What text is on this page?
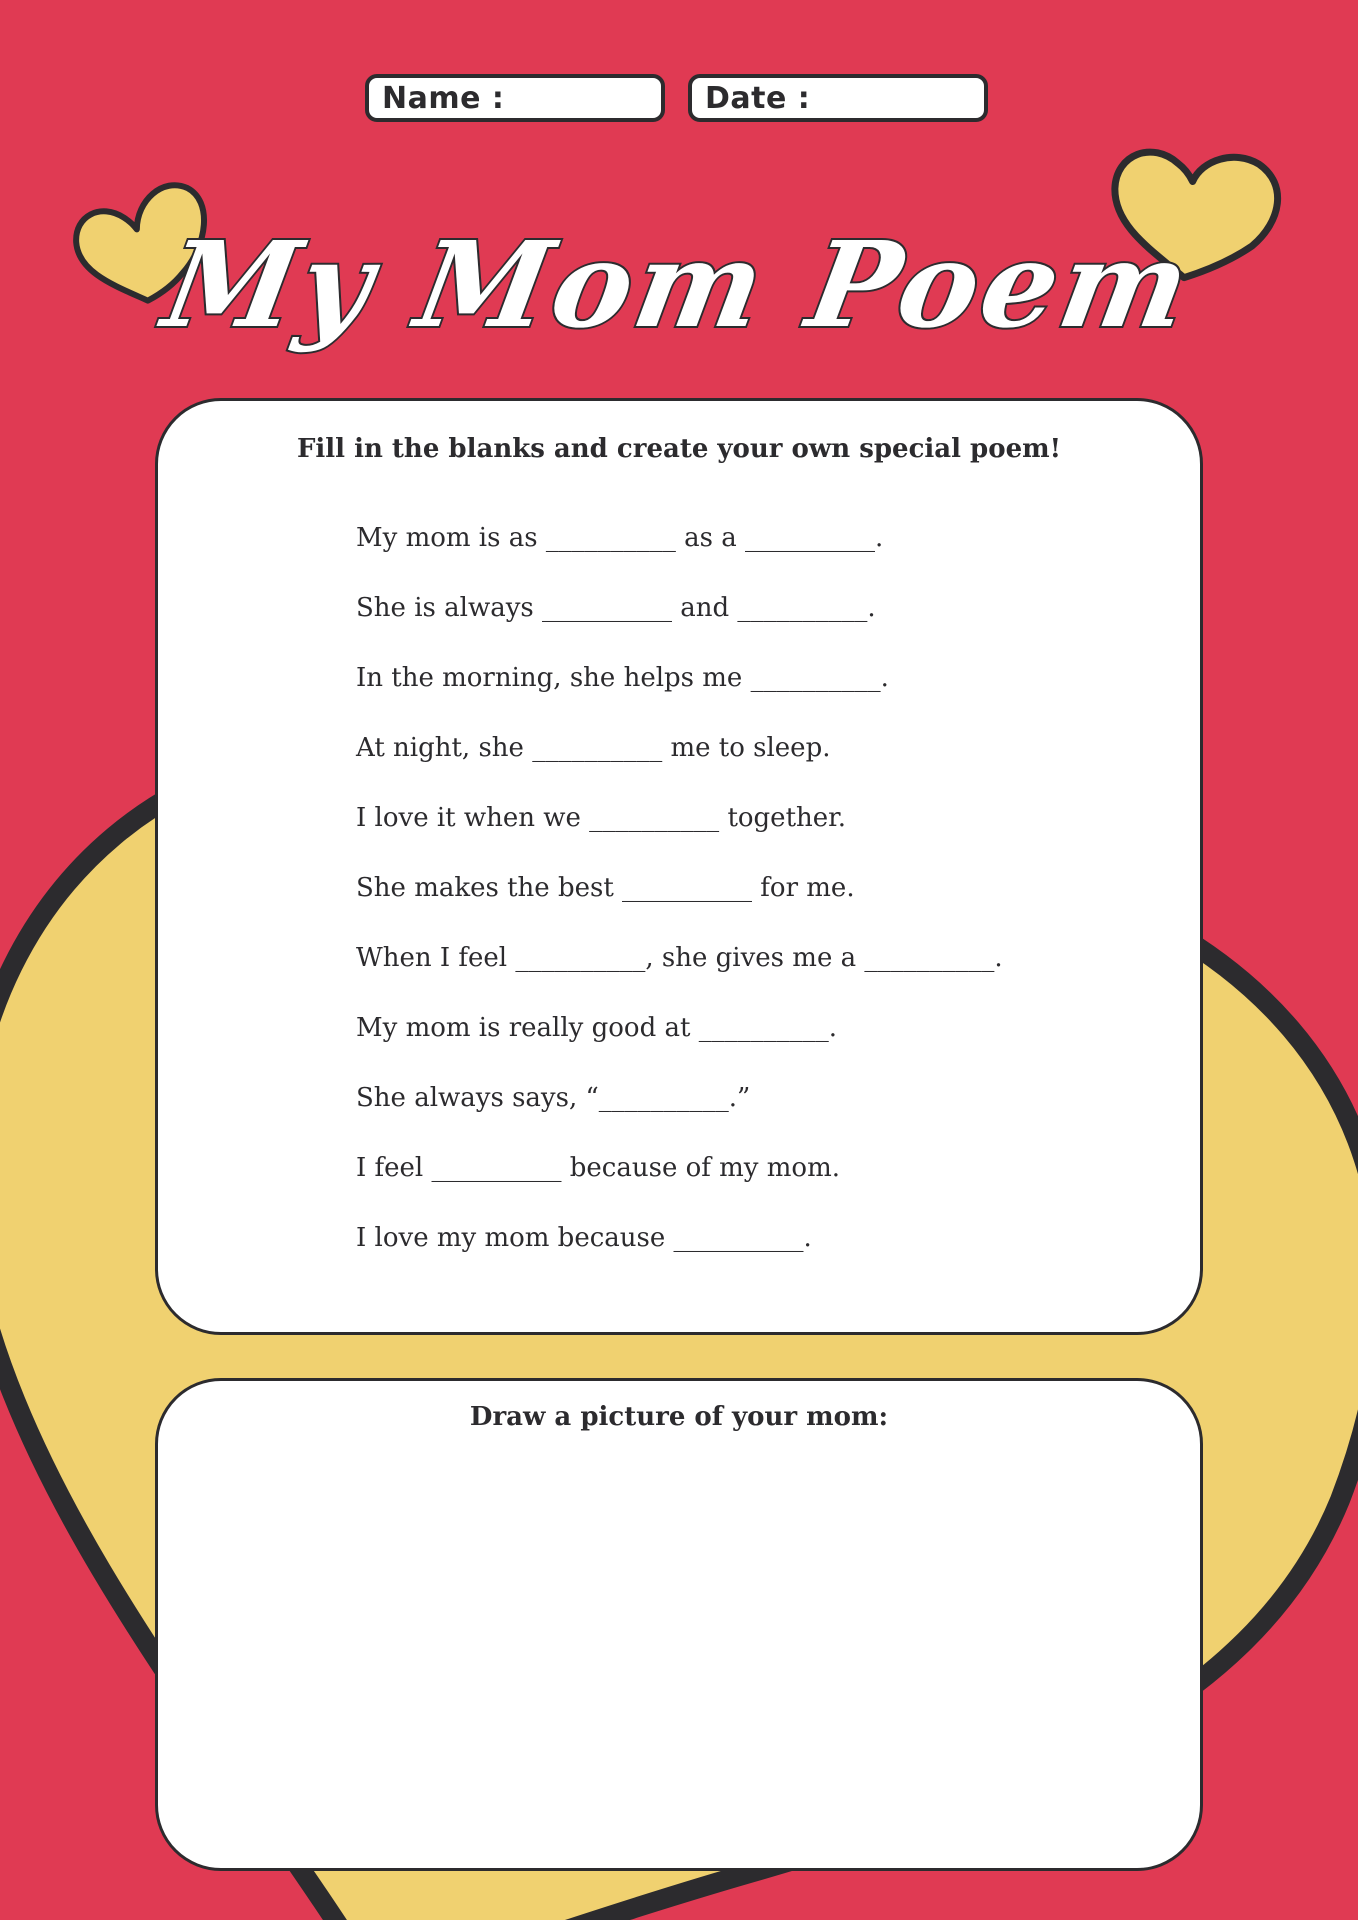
Name :	Date :
My Mom Poem
Fill in the blanks and create your own special poem!
My mom is as __________ as a __________.
She is always __________ and __________.
In the morning, she helps me __________.
At night, she __________ me to sleep.
I love it when we __________ together.
She makes the best __________ for me.
When I feel __________, she gives me a __________.
My mom is really good at __________.
She always says, “__________.”
I feel __________ because of my mom.
I love my mom because __________.
Draw a picture of your mom:
